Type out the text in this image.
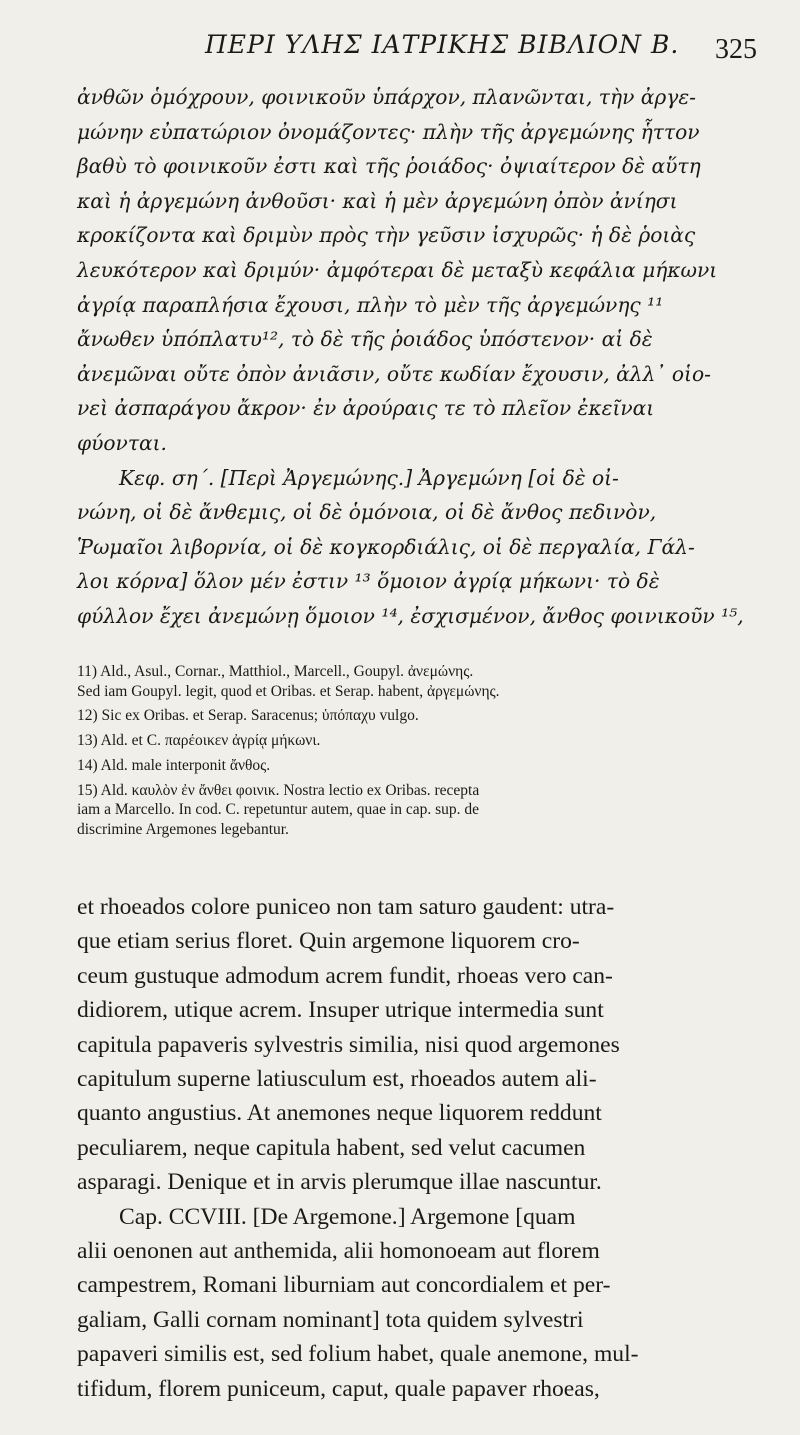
ΠΕΡΙ ΥΛΗΣ ΙΑΤΡΙΚΗΣ ΒΙΒΛΙΟΝ Β. 325
ἀνθῶν ὁμόχρουν, φοινικοῦν ὑπάρχον, πλανῶνται, τὴν ἀργε-
μώνην εὐπατώριον ὀνομάζοντες· πλὴν τῆς ἀργεμώνης ἧττον
βαθὺ τὸ φοινικοῦν ἐστι καὶ τῆς ῥοιάδος· ὀψιαίτερον δὲ αὕτη
καὶ ἡ ἀργεμώνη ἀνθοῦσι· καὶ ἡ μὲν ἀργεμώνη ὀπὸν ἀνίησι
κροκίζοντα καὶ δριμὺν πρὸς τὴν γεῦσιν ἰσχυρῶς· ἡ δὲ ῥοιὰς
λευκότερον καὶ δριμύν· ἀμφότεραι δὲ μεταξὺ κεφάλια μήκωνι
ἀγρίᾳ παραπλήσια ἔχουσι, πλὴν τὸ μὲν τῆς ἀργεμώνης ¹¹
ἄνωθεν ὑπόπλατυ¹², τὸ δὲ τῆς ῥοιάδος ὑπόστενον· αἱ δὲ
ἀνεμῶναι οὔτε ὀπὸν ἀνιᾶσιν, οὔτε κωδίαν ἔχουσιν, ἀλλ᾽ οἱο-
νεὶ ἀσπαράγου ἄκρον· ἐν ἀρούραις τε τὸ πλεῖον ἐκεῖναι
φύονται.
Κεφ. ση΄. [Περὶ Ἀργεμώνης.] Ἀργεμώνη [οἱ δὲ οἰ-
νώνη, οἱ δὲ ἄνθεμις, οἱ δὲ ὁμόνοια, οἱ δὲ ἄνθος πεδινὸν,
Ῥωμαῖοι λιβορνία, οἱ δὲ κογκορδιάλις, οἱ δὲ περγαλία, Γάλ-
λοι κόρνα] ὅλον μέν ἐστιν ¹³ ὅμοιον ἀγρίᾳ μήκωνι· τὸ δὲ
φύλλον ἔχει ἀνεμώνῃ ὅμοιον ¹⁴, ἐσχισμένον, ἄνθος φοινικοῦν ¹⁵,
11) Ald., Asul., Cornar., Matthiol., Marcell., Goupyl. ἀνεμώνης.
Sed iam Goupyl. legit, quod et Oribas. et Serap. habent, ἀργεμώνης.
12) Sic ex Oribas. et Serap. Saracenus; ὑπόπαχυ vulgo.
13) Ald. et C. παρέοικεν ἀγρίᾳ μήκωνι.
14) Ald. male interponit ἄνθος.
15) Ald. καυλὸν ἐν ἄνθει φοινικ. Nostra lectio ex Oribas. recepta
iam a Marcello. In cod. C. repetuntur autem, quae in cap. sup. de
discrimine Argemones legebantur.
et rhoeados colore puniceo non tam saturo gaudent: utra-
que etiam serius floret. Quin argemone liquorem cro-
ceum gustuque admodum acrem fundit, rhoeas vero can-
didiorem, utique acrem. Insuper utrique intermedia sunt
capitula papaveris sylvestris similia, nisi quod argemones
capitulum superne latiusculum est, rhoeados autem ali-
quanto angustius. At anemones neque liquorem reddunt
peculiarem, neque capitula habent, sed velut cacumen
asparagi. Denique et in arvis plerumque illae nascuntur.
Cap. CCVIII. [De Argemone.] Argemone [quam
alii oenonen aut anthemida, alii homonoeam aut florem
campestrem, Romani liburniam aut concordialem et per-
galiam, Galli cornam nominant] tota quidem sylvestri
papaveri similis est, sed folium habet, quale anemone, mul-
tifidum, florem puniceum, caput, quale papaver rhoeas,
